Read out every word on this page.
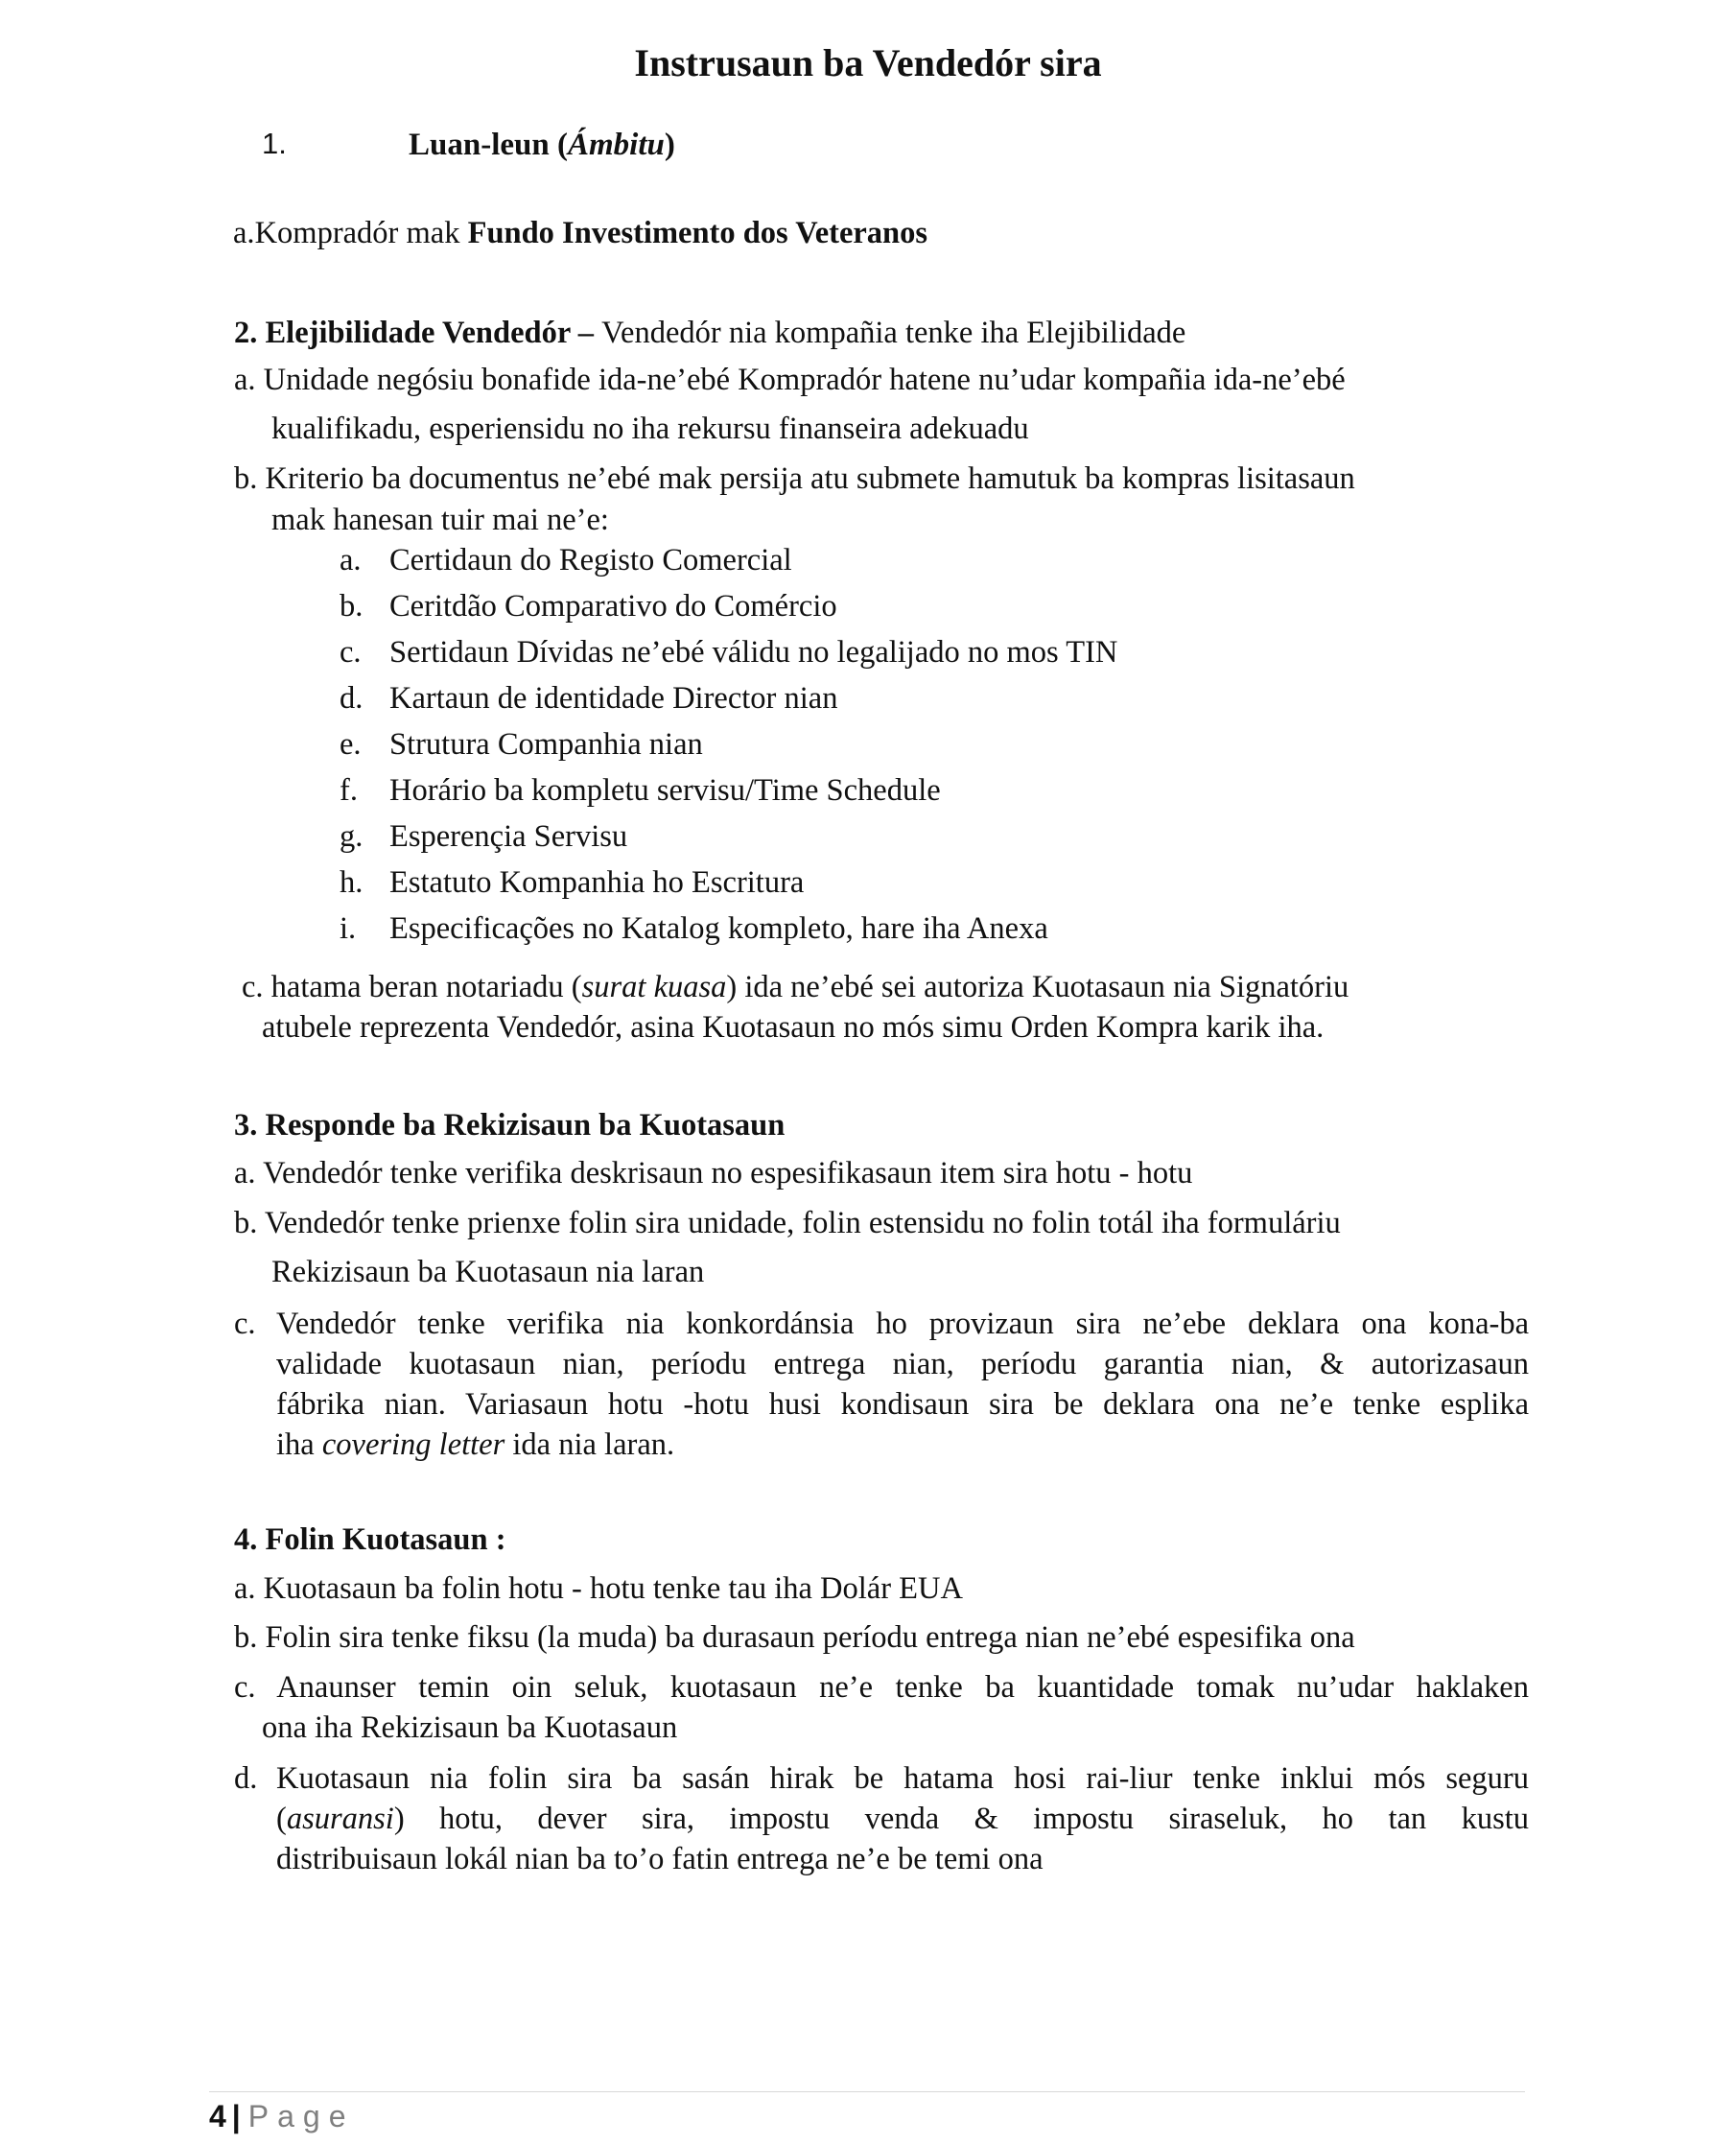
Instrusaun ba Vendedór sira
1.	Luan-leun (Ámbitu)
a.Kompradór mak Fundo Investimento dos Veteranos
2. Elejibilidade Vendedór – Vendedór nia kompañia tenke iha Elejibilidade
a. Unidade negósiu bonafide ida-ne’ebé Kompradór hatene nu’udar kompañia ida-ne’ebé
kualifikadu, esperiensidu no iha rekursu finanseira adekuadu
b. Kriterio ba documentus ne’ebé mak persija atu submete hamutuk ba kompras lisitasaun
mak hanesan tuir mai ne’e:
a. Certidaun do Registo Comercial
b. Ceritdão Comparativo do Comércio
c. Sertidaun Dívidas ne’ebé válidu no legalijado no mos TIN
d. Kartaun de identidade Director nian
e. Strutura Companhia nian
f. Horário ba kompletu servisu/Time Schedule
g. Esperençia Servisu
h. Estatuto Kompanhia ho Escritura
i. Especificações no Katalog kompleto, hare iha Anexa
c. hatama beran notariadu (surat kuasa) ida ne’ebé sei autoriza Kuotasaun nia Signatóriu
atubele reprezenta Vendedór, asina Kuotasaun no mós simu Orden Kompra karik iha.
3. Responde ba Rekizisaun ba Kuotasaun
a. Vendedór tenke verifika deskrisaun no espesifikasaun item sira hotu - hotu
b. Vendedór tenke prienxe folin sira unidade, folin estensidu no folin totál iha formuláriu
Rekizisaun ba Kuotasaun nia laran
c. Vendedór tenke verifika nia konkordánsia ho provizaun sira ne’ebe deklara ona kona-ba
validade kuotasaun nian, períodu entrega nian, períodu garantia nian, & autorizasaun
fábrika nian. Variasaun hotu -hotu husi kondisaun sira be deklara ona ne’e tenke esplika
iha covering letter ida nia laran.
4. Folin Kuotasaun :
a. Kuotasaun ba folin hotu - hotu tenke tau iha Dolár EUA
b. Folin sira tenke fiksu (la muda) ba durasaun períodu entrega nian ne’ebé espesifika ona
c. Anaunser temin oin seluk, kuotasaun ne’e tenke ba kuantidade tomak nu’udar haklaken
ona iha Rekizisaun ba Kuotasaun
d. Kuotasaun nia folin sira ba sasán hirak be hatama hosi rai-liur tenke inklui mós seguru
(asuransi) hotu, dever sira, impostu venda & impostu siraseluk, ho tan kustu
distribuisaun lokál nian ba to’o fatin entrega ne’e be temi ona
4 | Page
